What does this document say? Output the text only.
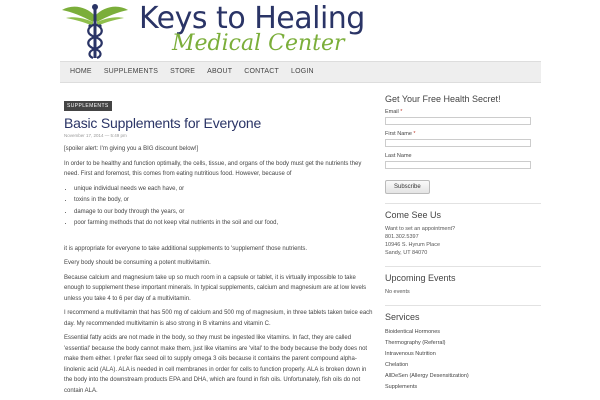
Keys to Healing
Medical Center
HOME	SUPPLEMENTS	STORE	ABOUT	CONTACT	LOGIN
SUPPLEMENTS
Basic Supplements for Everyone
November 17, 2014 — 5:49 pm

[spoiler alert: I'm giving you a BIG discount below!]

In order to be healthy and function optimally, the cells, tissue, and organs of the body must get the nutrients they need. First and foremost, this comes from eating nutritious food. However, because of

• unique individual needs we each have, or
• toxins in the body, or
• damage to our body through the years, or
• poor farming methods that do not keep vital nutrients in the soil and our food,

it is appropriate for everyone to take additional supplements to 'supplement' those nutrients.

Every body should be consuming a potent multivitamin.

Because calcium and magnesium take up so much room in a capsule or tablet, it is virtually impossible to take enough to supplement these important minerals. In typical supplements, calcium and magnesium are at low levels unless you take 4 to 6 per day of a multivitamin.

I recommend a multivitamin that has 500 mg of calcium and 500 mg of magnesium, in three tablets taken twice each day. My recommended multivitamin is also strong in B vitamins and vitamin C.

Essential fatty acids are not made in the body, so they must be ingested like vitamins. In fact, they are called 'essential' because the body cannot make them, just like vitamins are 'vital' to the body because the body does not make them either. I prefer flax seed oil to supply omega 3 oils because it contains the parent compound alpha-linolenic acid (ALA). ALA is needed in cell membranes in order for cells to function properly. ALA is broken down in the body into the downstream products EPA and DHA, which are found in fish oils. Unfortunately, fish oils do not contain ALA.

Get Your Free Health Secret!
Email *
First Name *
Last Name
Subscribe
Come See Us
Want to set an appointment?
801.302.5397
10946 S. Hyrum Place
Sandy, UT 84070
Upcoming Events
No events
Services
Bioidentical Hormones
Thermography (Referral)
Intravenous Nutrition
Chelation
AllDeSen (Allergy Desensitization)
Supplements
